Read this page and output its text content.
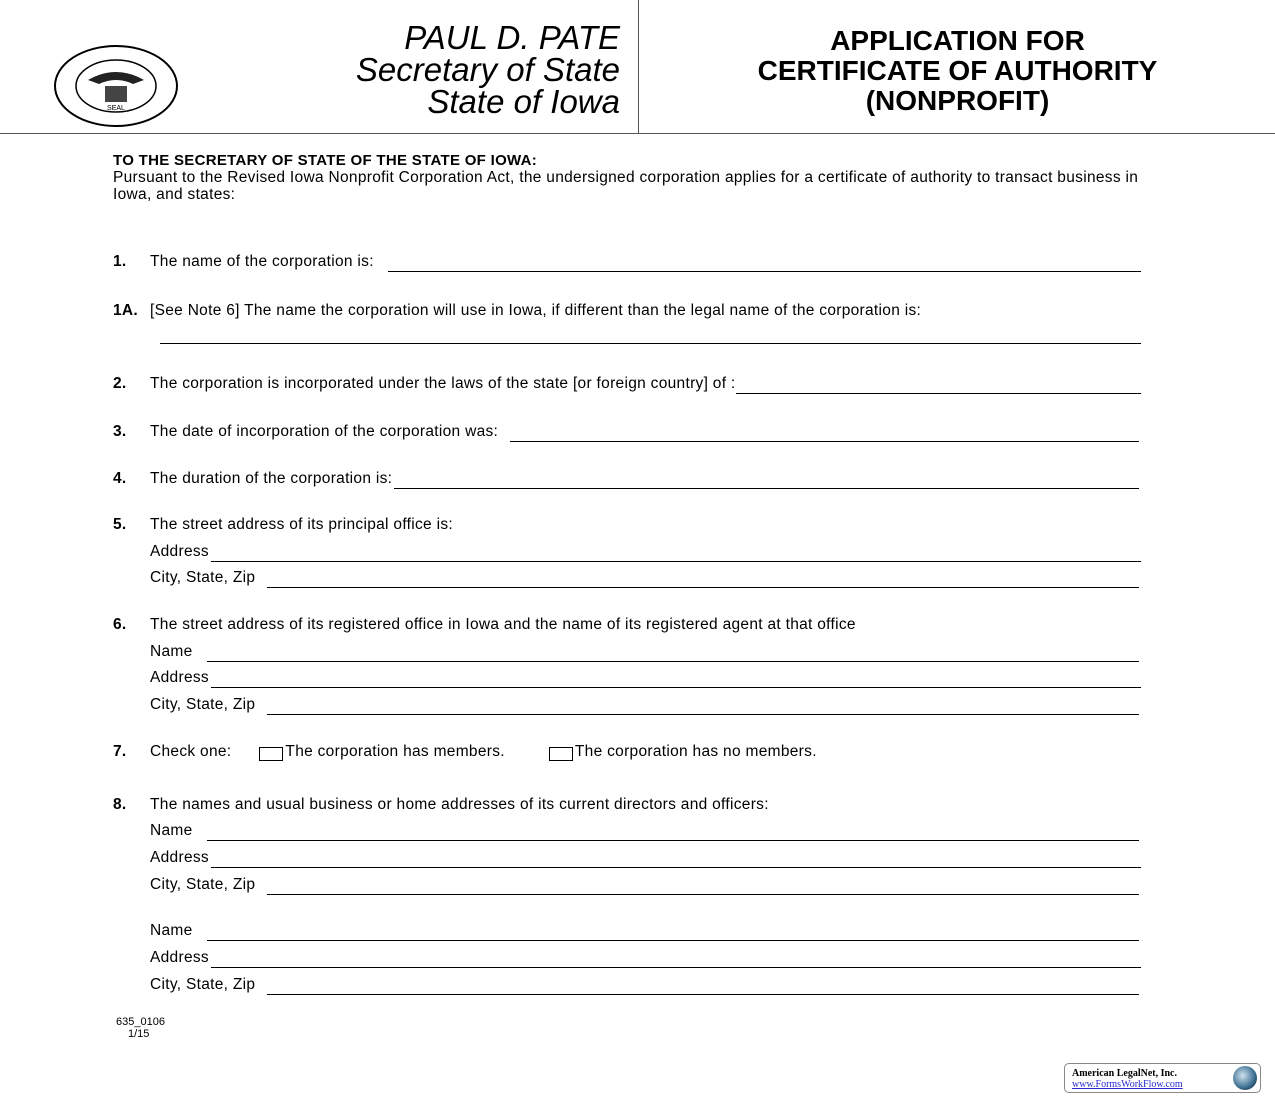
SEAL
PAUL D. PATE
Secretary of State
State of Iowa
APPLICATION FOR
CERTIFICATE OF AUTHORITY
(NONPROFIT)
TO THE SECRETARY OF STATE OF THE STATE OF IOWA:
Pursuant to the Revised Iowa Nonprofit Corporation Act, the undersigned corporation applies for a certificate of authority to transact business in Iowa, and states:
1.	The name of the corporation is:
1A. [See Note 6] The name the corporation will use in Iowa, if different than the legal name of the corporation is:
2.	The corporation is incorporated under the laws of the state [or foreign country] of :
3.	The date of incorporation of the corporation was:
4.	The duration of the corporation is:
5.	The street address of its principal office is:
Address
City, State, Zip
6.	The street address of its registered office in Iowa and the name of its registered agent at that office
Name
Address
City, State, Zip
7.	Check one:	The corporation has members.	The corporation has no members.
8.	The names and usual business or home addresses of its current directors and officers:
Name
Address
City, State, Zip
Name
Address
City, State, Zip
635_0106
1/15
American LegalNet, Inc.
www.FormsWorkFlow.com
